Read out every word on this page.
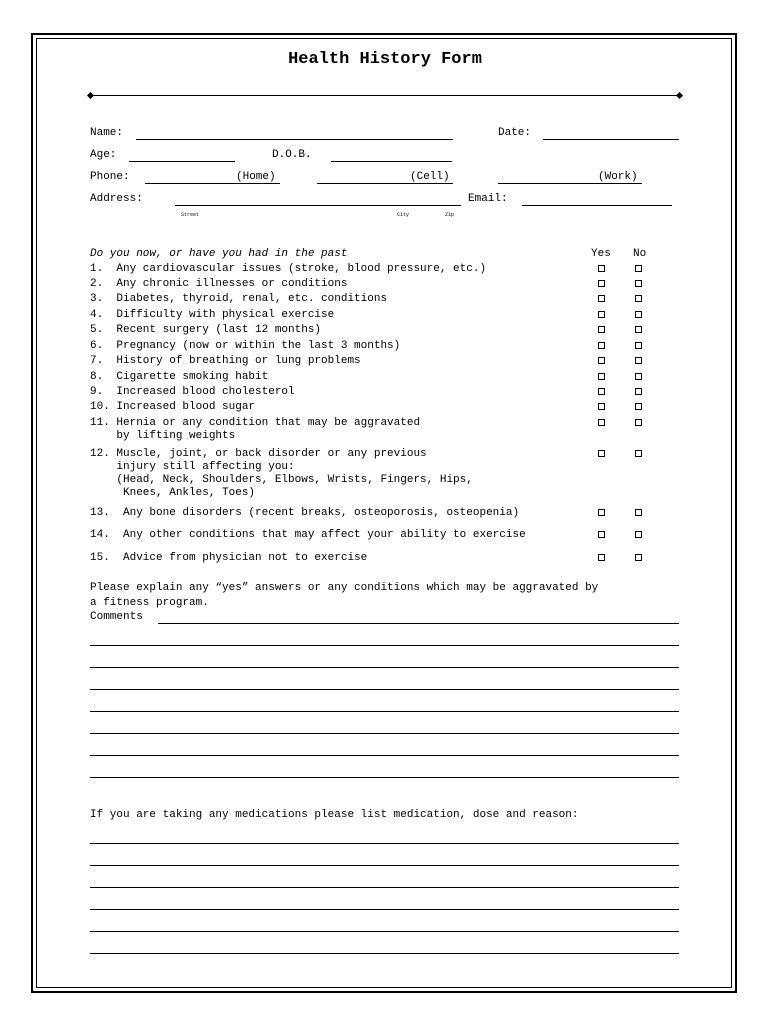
Health History Form
Name:	Date:
Age:	D.O.B.
Phone:	(Home)	(Cell)	(Work)
Address:	Email:
Street	City	Zip
Do you now, or have you had in the past	Yes No
1.  Any cardiovascular issues (stroke, blood pressure, etc.)
2.  Any chronic illnesses or conditions
3.  Diabetes, thyroid, renal, etc. conditions
4.  Difficulty with physical exercise
5.  Recent surgery (last 12 months)
6.  Pregnancy (now or within the last 3 months)
7.  History of breathing or lung problems
8.  Cigarette smoking habit
9.  Increased blood cholesterol
10. Increased blood sugar
11. Hernia or any condition that may be aggravated
by lifting weights
12. Muscle, joint, or back disorder or any previous
injury still affecting you:
(Head, Neck, Shoulders, Elbows, Wrists, Fingers, Hips,
Knees, Ankles, Toes)
13.  Any bone disorders (recent breaks, osteoporosis, osteopenia)
14.  Any other conditions that may affect your ability to exercise
15.  Advice from physician not to exercise
Please explain any “yes” answers or any conditions which may be aggravated by
a fitness program.
Comments
If you are taking any medications please list medication, dose and reason:
